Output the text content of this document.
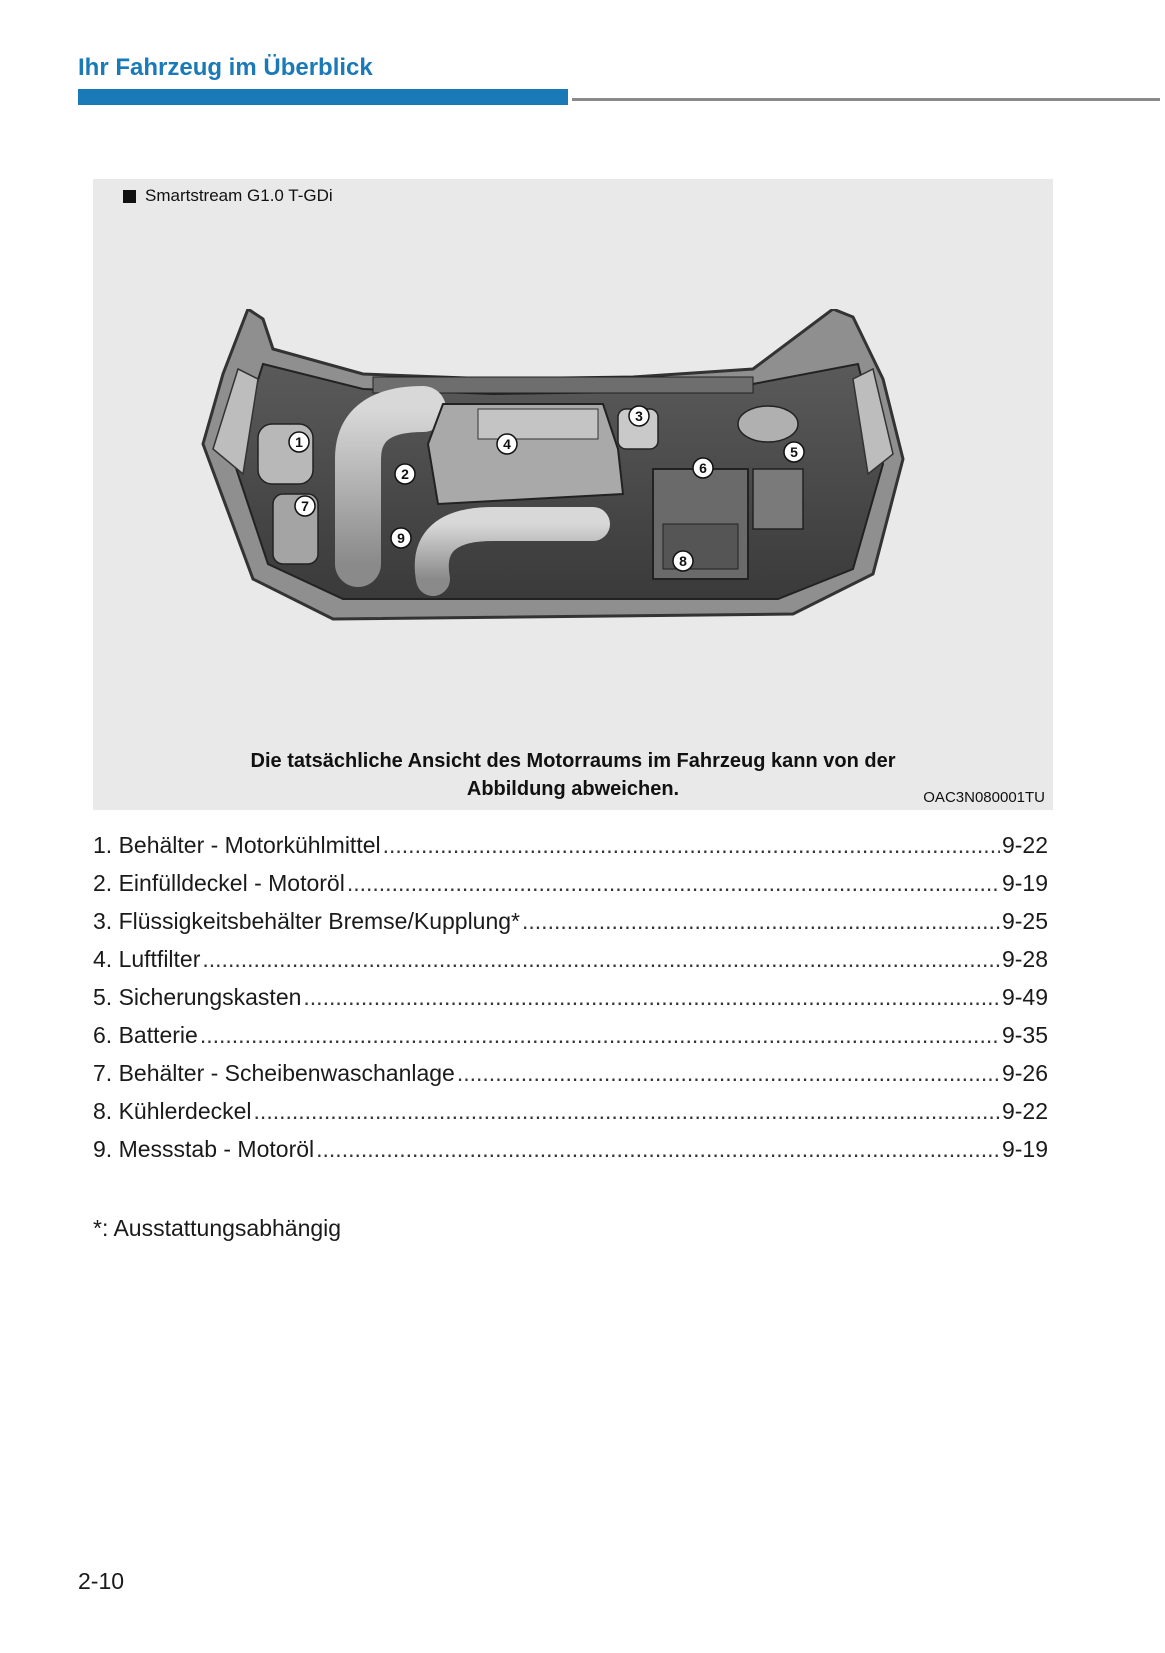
Ihr Fahrzeug im Überblick
Smartstream G1.0 T-GDi
1
2
3
4	5
6
7
8
9
Die tatsächliche Ansicht des Motorraums im Fahrzeug kann von der
Abbildung abweichen.	OAC3N080001TU
1. Behälter - Motorkühlmittel .....	9-22
2. Einfülldeckel - Motoröl .....	9-19
3. Flüssigkeitsbehälter Bremse/Kupplung* .....	9-25
4. Luftfilter .....	9-28
5. Sicherungskasten .....	9-49
6. Batterie .....	9-35
7. Behälter - Scheibenwaschanlage .....	9-26
8. Kühlerdeckel .....	9-22
9. Messstab - Motoröl .....	9-19
*: Ausstattungsabhängig
2-10
